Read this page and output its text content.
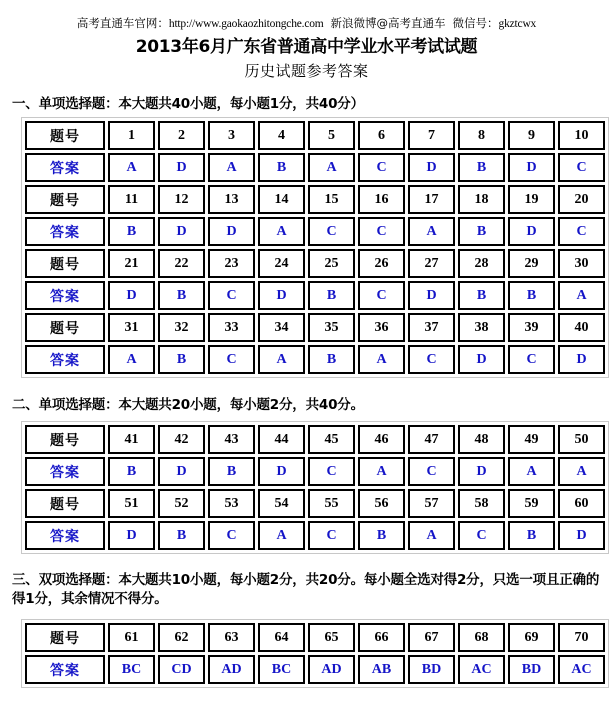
高考直通车官网：http://www.gaokaozhitongche.com 新浪微博@高考直通车 微信号：gkztcwx
2013年6月广东省普通高中学业水平考试试题
历史试题参考答案
一、单项选择题：本大题共40小题，每小题1分，共40分）
二、单项选择题：本大题共20小题，每小题2分，共40分。
三、双项选择题：本大题共10小题，每小题2分，共20分。每小题全选对得2分，只选一项且正确的得1分，其余情况不得分。
题号	1	2	3	4	5	6	7	8	9	10
答案	A	D	A	B	A	C	D	B	D	C
题号	11	12	13	14	15	16	17	18	19	20
答案	B	D	D	A	C	C	A	B	D	C
题号	21	22	23	24	25	26	27	28	29	30
答案	D	B	C	D	B	C	D	B	B	A
题号	31	32	33	34	35	36	37	38	39	40
答案	A	B	C	A	B	A	C	D	C	D
题号	41	42	43	44	45	46	47	48	49	50
答案	B	D	B	D	C	A	C	D	A	A
题号	51	52	53	54	55	56	57	58	59	60
答案	D	B	C	A	C	B	A	C	B	D
题号	61	62	63	64	65	66	67	68	69	70
答案	BC	CD	AD	BC	AD	AB	BD	AC	BD	AC
